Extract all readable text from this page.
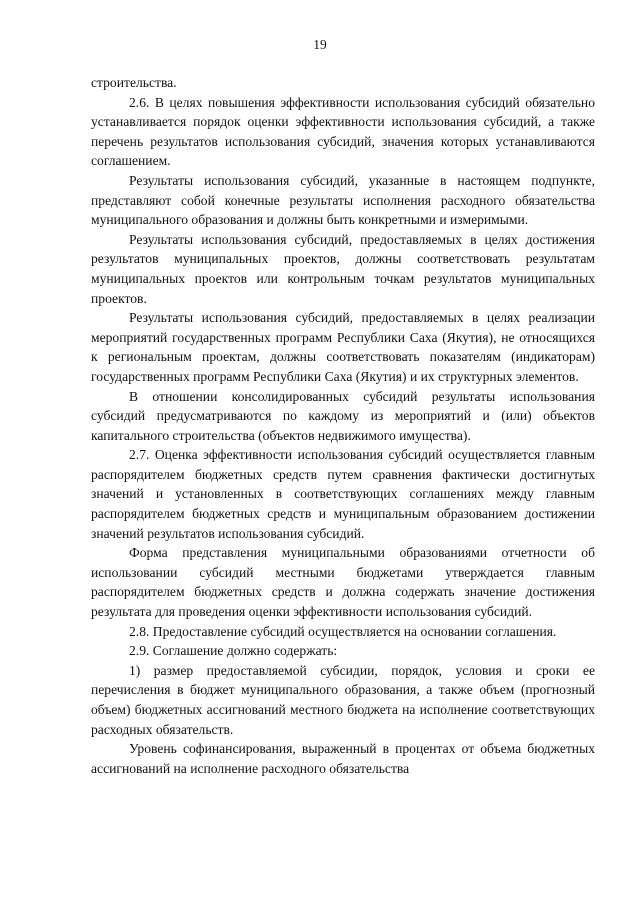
19

строительства.

2.6. В целях повышения эффективности использования субсидий обязательно устанавливается порядок оценки эффективности использования субсидий, а также перечень результатов использования субсидий, значения которых устанавливаются соглашением.

Результаты использования субсидий, указанные в настоящем подпункте, представляют собой конечные результаты исполнения расходного обязательства муниципального образования и должны быть конкретными и измеримыми.

Результаты использования субсидий, предоставляемых в целях достижения результатов муниципальных проектов, должны соответствовать результатам муниципальных проектов или контрольным точкам результатов муниципальных проектов.

Результаты использования субсидий, предоставляемых в целях реализации мероприятий государственных программ Республики Саха (Якутия), не относящихся к региональным проектам, должны соответствовать показателям (индикаторам) государственных программ Республики Саха (Якутия) и их структурных элементов.

В отношении консолидированных субсидий результаты использования субсидий предусматриваются по каждому из мероприятий и (или) объектов капитального строительства (объектов недвижимого имущества).

2.7. Оценка эффективности использования субсидий осуществляется главным распорядителем бюджетных средств путем сравнения фактически достигнутых значений и установленных в соответствующих соглашениях между главным распорядителем бюджетных средств и муниципальным образованием достижении значений результатов использования субсидий.

Форма представления муниципальными образованиями отчетности об использовании субсидий местными бюджетами утверждается главным распорядителем бюджетных средств и должна содержать значение достижения результата для проведения оценки эффективности использования субсидий.

2.8. Предоставление субсидий осуществляется на основании соглашения.

2.9. Соглашение должно содержать:

1) размер предоставляемой субсидии, порядок, условия и сроки ее перечисления в бюджет муниципального образования, а также объем (прогнозный объем) бюджетных ассигнований местного бюджета на исполнение соответствующих расходных обязательств.

Уровень софинансирования, выраженный в процентах от объема бюджетных ассигнований на исполнение расходного обязательства
